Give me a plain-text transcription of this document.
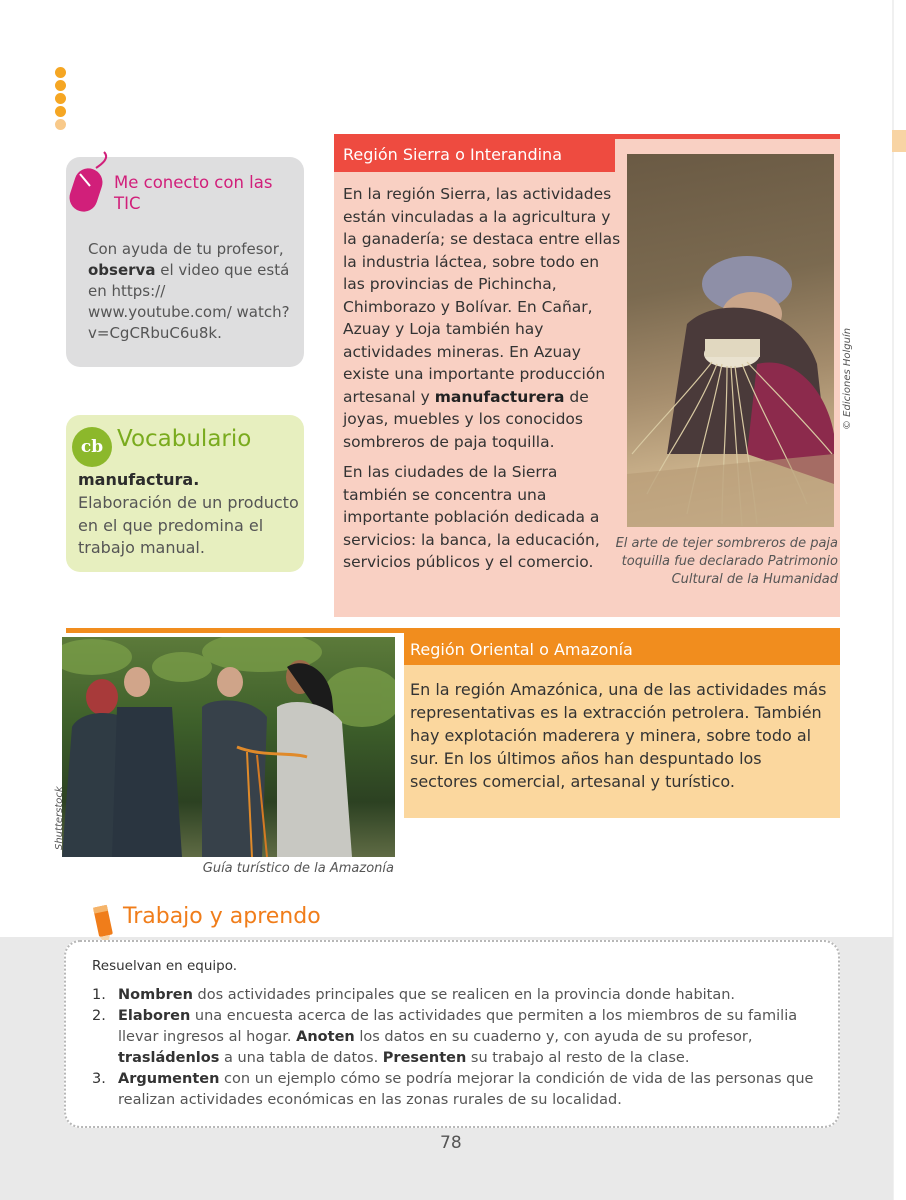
Me conecto con las TIC
Con ayuda de tu profesor, observa el video que está en https:// www.youtube.com/ watch?v=CgCRbuC6u8k.
cb Vocabulario
manufactura.
Elaboración de un producto en el que predomina el trabajo manual.
Región Sierra o Interandina

En la región Sierra, las actividades están vinculadas a la agricultura y la ganadería; se destaca entre ellas la industria láctea, sobre todo en las provincias de Pichincha, Chimborazo y Bolívar. En Cañar, Azuay y Loja también hay actividades mineras. En Azuay existe una importante producción artesanal y manufacturera de joyas, muebles y los conocidos sombreros de paja toquilla.

En las ciudades de la Sierra también se concentra una importante población dedicada a servicios: la banca, la educación, servicios públicos y el comercio.

© Ediciones Holguín
El arte de tejer sombreros de paja toquilla fue declarado Patrimonio Cultural de la Humanidad
Región Oriental o Amazonía
En la región Amazónica, una de las actividades más representativas es la extracción petrolera. También hay explotación maderera y minera, sobre todo al sur. En los últimos años han despuntado los sectores comercial, artesanal y turístico.
Shutterstock
Guía turístico de la Amazonía
Trabajo y aprendo
Resuelvan en equipo.
1. Nombren dos actividades principales que se realicen en la provincia donde habitan.
2. Elaboren una encuesta acerca de las actividades que permiten a los miembros de su familia llevar ingresos al hogar. Anoten los datos en su cuaderno y, con ayuda de su profesor, trasládenlos a una tabla de datos. Presenten su trabajo al resto de la clase.
3. Argumenten con un ejemplo cómo se podría mejorar la condición de vida de las personas que realizan actividades económicas en las zonas rurales de su localidad.
78
